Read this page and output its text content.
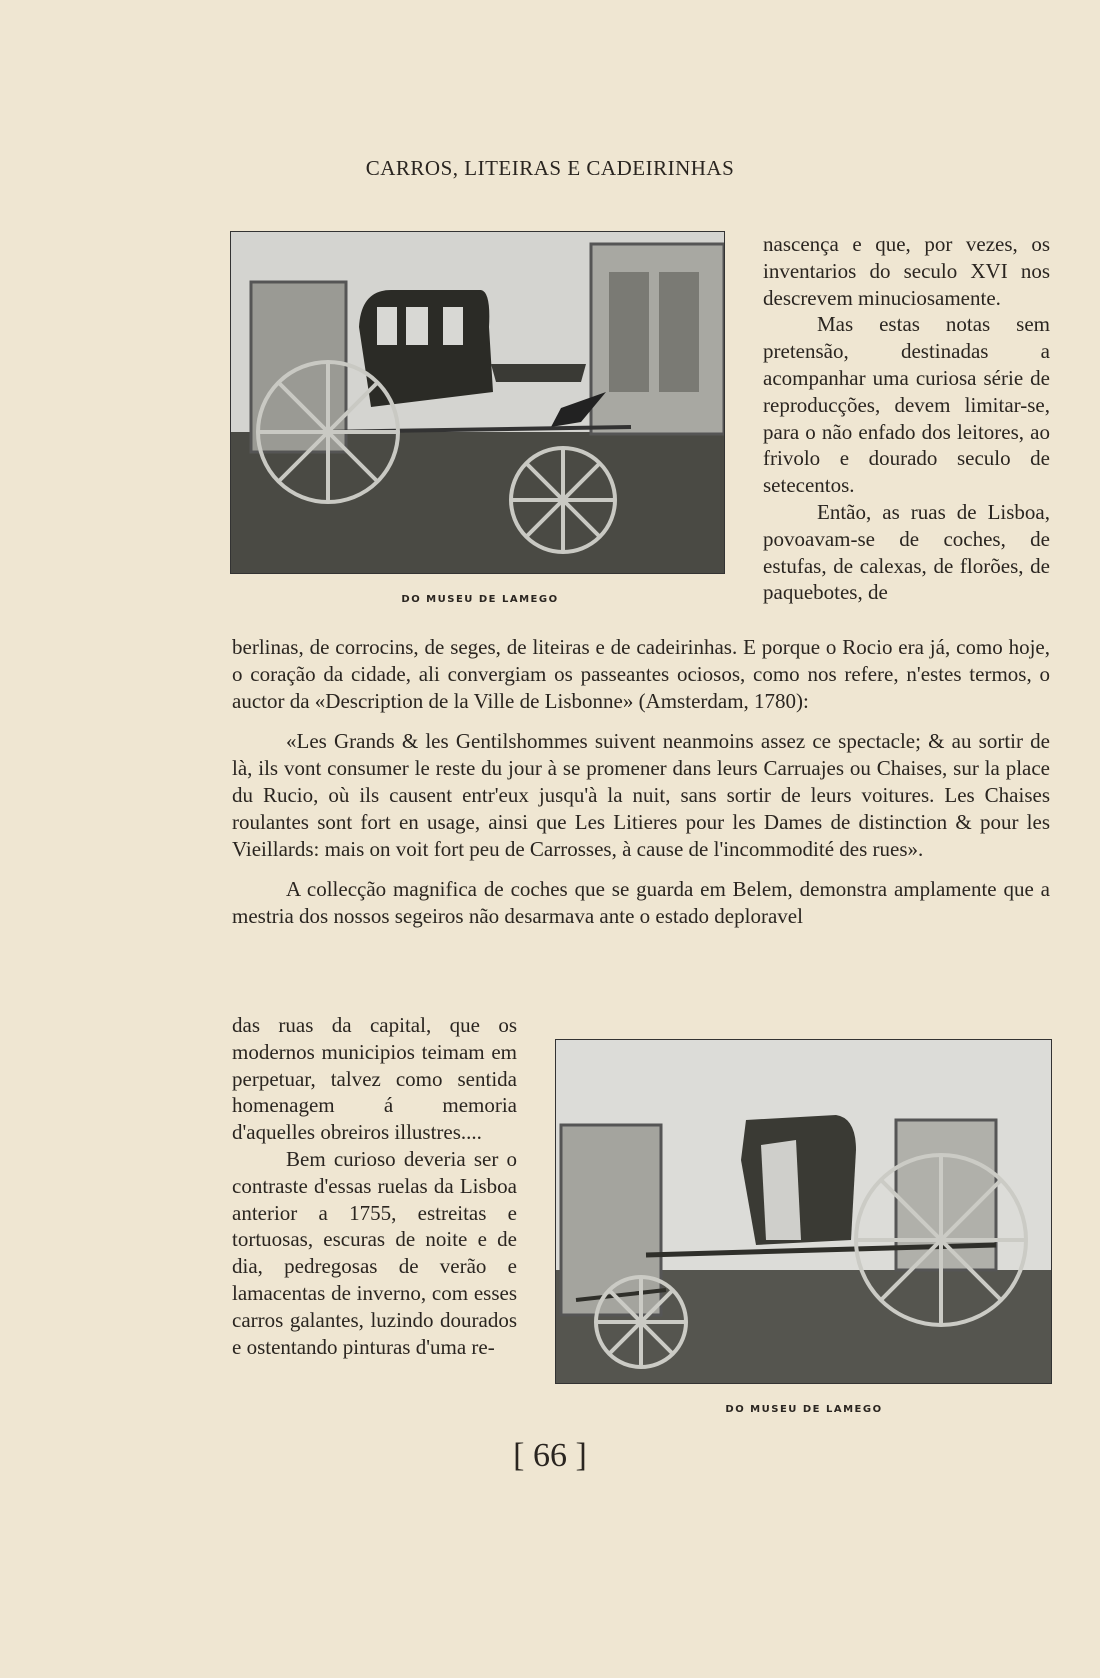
CARROS, LITEIRAS E CADEIRINHAS
DO MUSEU DE LAMEGO

nascença e que, por vezes, os inventarios do seculo XVI nos descrevem minuciosamente.

Mas estas notas sem pretensão, destinadas a acompanhar uma curiosa série de reproducções, devem limitar-se, para o não enfado dos leitores, ao frivolo e dourado seculo de setecentos.

Então, as ruas de Lisboa, povoavam-se de coches, de estufas, de calexas, de florões, de paquebotes, de

berlinas, de corrocins, de seges, de liteiras e de cadeirinhas. E porque o Rocio era já, como hoje, o coração da cidade, ali convergiam os passeantes ociosos, como nos refere, n'estes termos, o auctor da «Description de la Ville de Lisbonne» (Amsterdam, 1780):

«Les Grands & les Gentilshommes suivent neanmoins assez ce spectacle; & au sortir de là, ils vont consumer le reste du jour à se promener dans leurs Carruajes ou Chaises, sur la place du Rucio, où ils causent entr'eux jusqu'à la nuit, sans sortir de leurs voitures. Les Chaises roulantes sont fort en usage, ainsi que Les Litieres pour les Dames de distinction & pour les Vieillards: mais on voit fort peu de Carrosses, à cause de l'incommodité des rues».

A collecção magnifica de coches que se guarda em Belem, demonstra amplamente que a mestria dos nossos segeiros não desarmava ante o estado deploravel

das ruas da capital, que os modernos municipios teimam em perpetuar, talvez como sentida homenagem á memoria d'aquelles obreiros illustres....

Bem curioso deveria ser o contraste d'essas ruelas da Lisboa anterior a 1755, estreitas e tortuosas, escuras de noite e de dia, pedregosas de verão e lamacentas de inverno, com esses carros galantes, luzindo dourados e ostentando pinturas d'uma re-

DO MUSEU DE LAMEGO
[ 66 ]
